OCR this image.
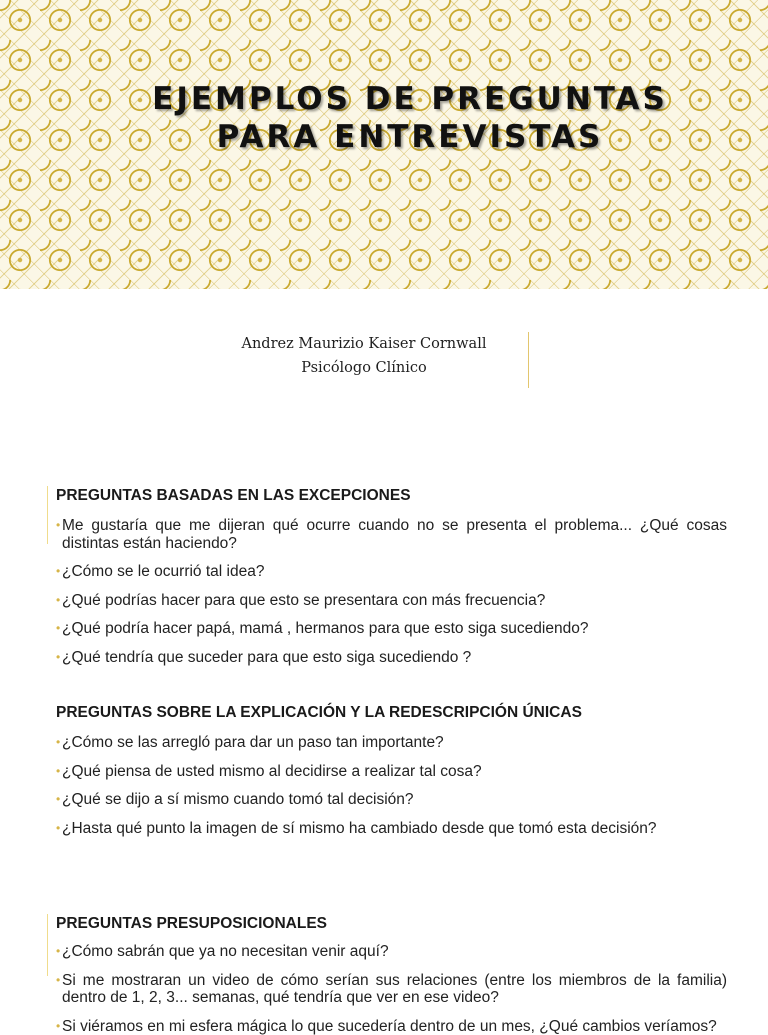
EJEMPLOS DE PREGUNTAS PARA ENTREVISTAS
Andrez Maurizio Kaiser Cornwall
Psicólogo Clínico
PREGUNTAS BASADAS EN LAS EXCEPCIONES
• Me gustaría que me dijeran qué ocurre cuando no se presenta el problema... ¿Qué cosas distintas están haciendo?
• ¿Cómo se le ocurrió tal idea?
• ¿Qué podrías hacer para que esto se presentara con más frecuencia?
• ¿Qué podría hacer papá, mamá , hermanos para que esto siga sucediendo?
• ¿Qué tendría que suceder para que esto siga sucediendo ?
PREGUNTAS SOBRE LA EXPLICACIÓN Y LA REDESCRIPCIÓN ÚNICAS
• ¿Cómo se las arregló para dar un paso tan importante?
• ¿Qué piensa de usted mismo al decidirse a realizar tal cosa?
• ¿Qué se dijo a sí mismo cuando tomó tal decisión?
• ¿Hasta qué punto la imagen de sí mismo ha cambiado desde que tomó esta decisión?
PREGUNTAS PRESUPOSICIONALES
• ¿Cómo sabrán que ya no necesitan venir aquí?
• Si me mostraran un video de cómo serían sus relaciones (entre los miembros de la familia) dentro de 1, 2, 3... semanas, qué tendría que ver en ese video?
• Si viéramos en mi esfera mágica lo que sucedería dentro de un mes, ¿Qué cambios veríamos?
